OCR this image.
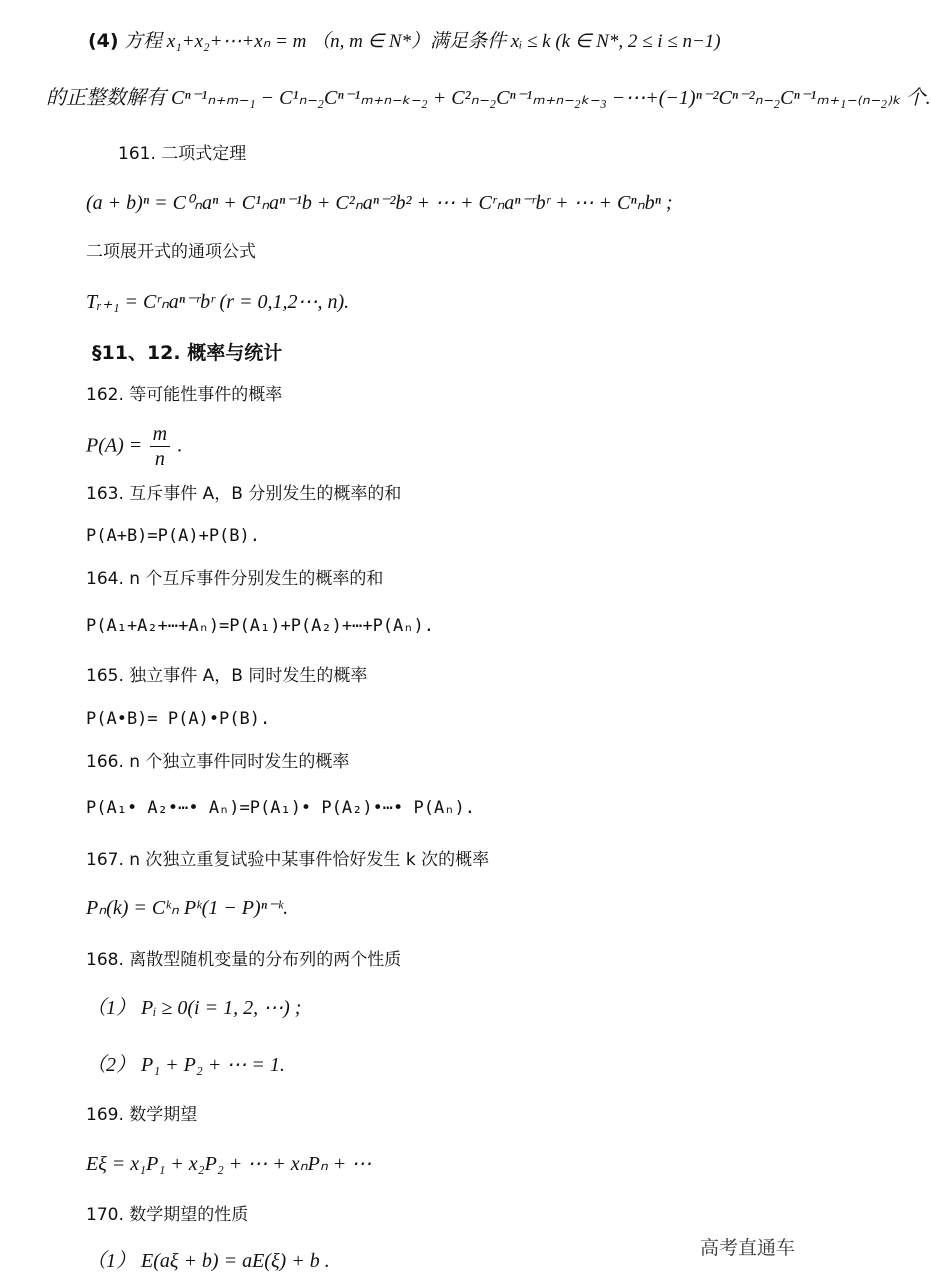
(4) 方程 x₁+x₂+⋯+xₙ = m （n, m ∈ N*）满足条件 xᵢ ≤ k (k ∈ N*, 2 ≤ i ≤ n−1)
的正整数解有 Cⁿ⁻¹ₙ₊ₘ₋₁ − C¹ₙ₋₂Cⁿ⁻¹ₘ₊ₙ₋ₖ₋₂ + C²ₙ₋₂Cⁿ⁻¹ₘ₊ₙ₋₂ₖ₋₃ −⋯+(−1)ⁿ⁻²Cⁿ⁻²ₙ₋₂Cⁿ⁻¹ₘ₊₁₋₍ₙ₋₂₎ₖ 个.
161. 二项式定理
(a + b)ⁿ = C⁰ₙaⁿ + C¹ₙaⁿ⁻¹b + C²ₙaⁿ⁻²b² + ⋯ + Cʳₙaⁿ⁻ʳbʳ + ⋯ + Cⁿₙbⁿ ;
二项展开式的通项公式
Tᵣ₊₁ = Cʳₙaⁿ⁻ʳbʳ (r = 0,1,2⋯, n).
§11、12. 概率与统计
162. 等可能性事件的概率
$P(A) = \frac{m}{n}$ .
163. 互斥事件 A，B 分别发生的概率的和
P(A+B)=P(A)+P(B).
164. n 个互斥事件分别发生的概率的和
P(A₁+A₂+⋯+Aₙ)=P(A₁)+P(A₂)+⋯+P(Aₙ).
165. 独立事件 A，B 同时发生的概率
P(A•B)= P(A)•P(B).
166. n 个独立事件同时发生的概率
P(A₁• A₂•⋯• Aₙ)=P(A₁)• P(A₂)•⋯• P(Aₙ).
167. n 次独立重复试验中某事件恰好发生 k 次的概率
Pₙ(k) = Cᵏₙ Pᵏ(1 − P)ⁿ⁻ᵏ.
168. 离散型随机变量的分布列的两个性质
（1） Pᵢ ≥ 0(i = 1, 2, ⋯) ;
（2） P₁ + P₂ + ⋯ = 1.
169. 数学期望
Eξ = x₁P₁ + x₂P₂ + ⋯ + xₙPₙ + ⋯
170. 数学期望的性质
（1） E(aξ + b) = aE(ξ) + b .
高考直通车
